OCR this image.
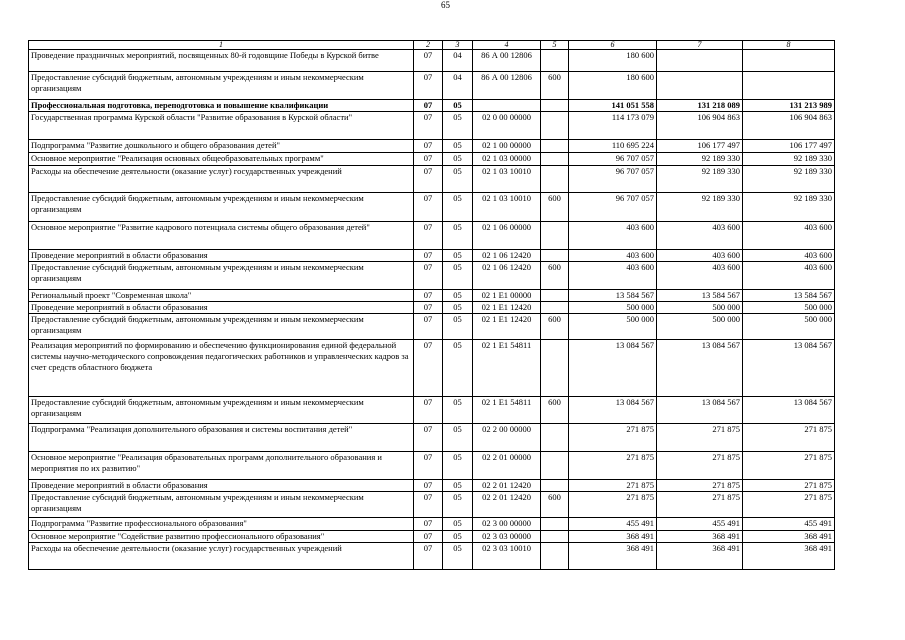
65
1	2	3	4	5	6	7	8
Проведение праздничных мероприятий, посвященных 80-й годовщине Победы в Курской битве	07	04	86 А 00 12806		180 600		
Предоставление субсидий бюджетным, автономным учреждениям и иным некоммерческим организациям	07	04	86 А 00 12806	600	180 600		
Профессиональная подготовка, переподготовка и повышение квалификации	07	05			141 051 558	131 218 089	131 213 989
Государственная программа Курской области "Развитие образования в Курской области"	07	05	02 0 00 00000		114 173 079	106 904 863	106 904 863
Подпрограмма "Развитие дошкольного и общего образования детей"	07	05	02 1 00 00000		110 695 224	106 177 497	106 177 497
Основное мероприятие "Реализация основных общеобразовательных программ"	07	05	02 1 03 00000		96 707 057	92 189 330	92 189 330
Расходы на обеспечение деятельности (оказание услуг) государственных учреждений	07	05	02 1 03 10010		96 707 057	92 189 330	92 189 330
Предоставление субсидий бюджетным, автономным учреждениям и иным некоммерческим организациям	07	05	02 1 03 10010	600	96 707 057	92 189 330	92 189 330
Основное мероприятие "Развитие кадрового потенциала системы общего образования детей"	07	05	02 1 06 00000		403 600	403 600	403 600
Проведение мероприятий в области образования	07	05	02 1 06 12420		403 600	403 600	403 600
Предоставление субсидий бюджетным, автономным учреждениям и иным некоммерческим организациям	07	05	02 1 06 12420	600	403 600	403 600	403 600
Региональный проект "Современная школа"	07	05	02 1 Е1 00000		13 584 567	13 584 567	13 584 567
Проведение мероприятий в области образования	07	05	02 1 Е1 12420		500 000	500 000	500 000
Предоставление субсидий бюджетным, автономным учреждениям и иным некоммерческим организациям	07	05	02 1 Е1 12420	600	500 000	500 000	500 000
Реализация мероприятий по формированию и обеспечению функционирования единой федеральной системы научно-методического сопровождения педагогических работников и управленческих кадров за счет средств областного бюджета	07	05	02 1 Е1 54811		13 084 567	13 084 567	13 084 567
Предоставление субсидий бюджетным, автономным учреждениям и иным некоммерческим организациям	07	05	02 1 Е1 54811	600	13 084 567	13 084 567	13 084 567
Подпрограмма "Реализация дополнительного образования и системы воспитания детей"	07	05	02 2 00 00000		271 875	271 875	271 875
Основное мероприятие "Реализация образовательных программ дополнительного образования и мероприятия по их развитию"	07	05	02 2 01 00000		271 875	271 875	271 875
Проведение мероприятий в области образования	07	05	02 2 01 12420		271 875	271 875	271 875
Предоставление субсидий бюджетным, автономным учреждениям и иным некоммерческим организациям	07	05	02 2 01 12420	600	271 875	271 875	271 875
Подпрограмма "Развитие профессионального образования"	07	05	02 3 00 00000		455 491	455 491	455 491
Основное мероприятие "Содействие развитию профессионального образования"	07	05	02 3 03 00000		368 491	368 491	368 491
Расходы на обеспечение деятельности (оказание услуг) государственных учреждений	07	05	02 3 03 10010		368 491	368 491	368 491
